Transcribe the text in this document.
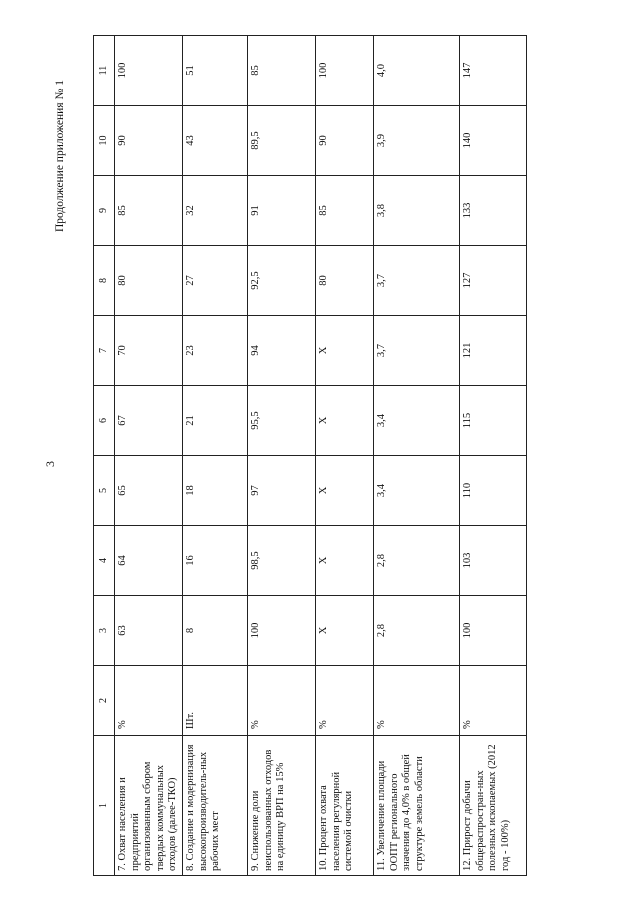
3
Продолжение приложения № 1
1	2	3	4	5	6	7	8	9	10	11
7. Охват населения и предприятий организованным сбором твердых коммунальных отходов (далее-ТКО)	%	63	64	65	67	70	80	85	90	100
8. Создание и модернизация высокопроизводитель-ных рабочих мест	Шт.	8	16	18	21	23	27	32	43	51
9. Снижение доли неиспользованных отходов на единицу ВРП на 15%	%	100	98,5	97	95,5	94	92,5	91	89,5	85
10. Процент охвата населения регулярной системой очистки	%	Х	Х	Х	Х	Х	80	85	90	100
11. Увеличение площади ООПТ регионального значения до 4,0% в общей структуре земель области	%	2,8	2,8	3,4	3,4	3,7	3,7	3,8	3,9	4,0
12. Прирост добычи общераспростран-ных полезных ископаемых (2012 год - 100%)	%	100	103	110	115	121	127	133	140	147
